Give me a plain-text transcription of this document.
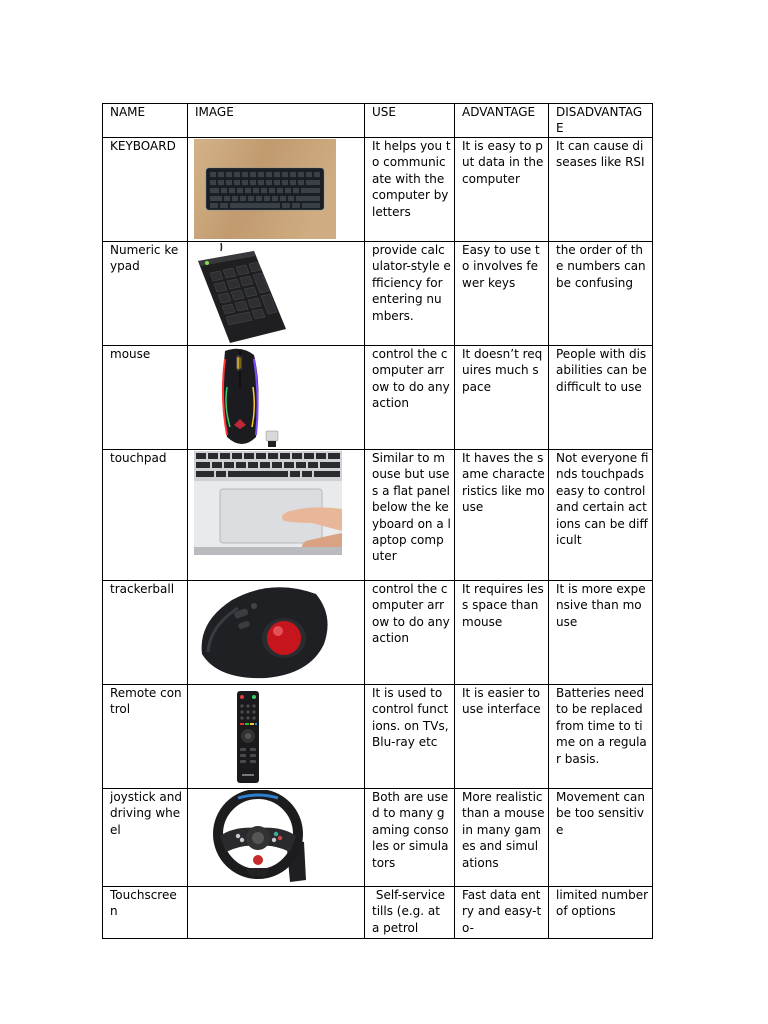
NAME	IMAGE	USE	ADVANTAGE	DISADVANTAGE
KEYBOARD		It helps you to communicate with the computer by letters	It is easy to put data in the computer	It can cause diseases like RSI
Numeric keypad		provide calculator-style efficiency for entering numbers.	Easy to use to involves fewer keys	the order of the numbers can be confusing
mouse		control the computer arrow to do any action	It doesn’t requires much space	People with disabilities can be difficult to use
touchpad		Similar to mouse but uses a flat panel below the keyboard on a laptop computer	It haves the same characteristics like mouse	Not everyone finds touchpads easy to control and certain actions can be difficult
trackerball		control the computer arrow to do any action	It requires less space than mouse	It is more expensive than mouse
Remote control		It is used to control functions. on TVs, Blu-ray etc	It is easier to use interface	Batteries need to be replaced from time to time on a regular basis.
joystick and driving wheel		Both are used to many gaming consoles or simulators	More realistic than a mouse in many games and simulations	Movement can be too sensitive
Touchscreen		Self-service tills (e.g. at a petrol	Fast data entry and easy-to-	limited number of options
